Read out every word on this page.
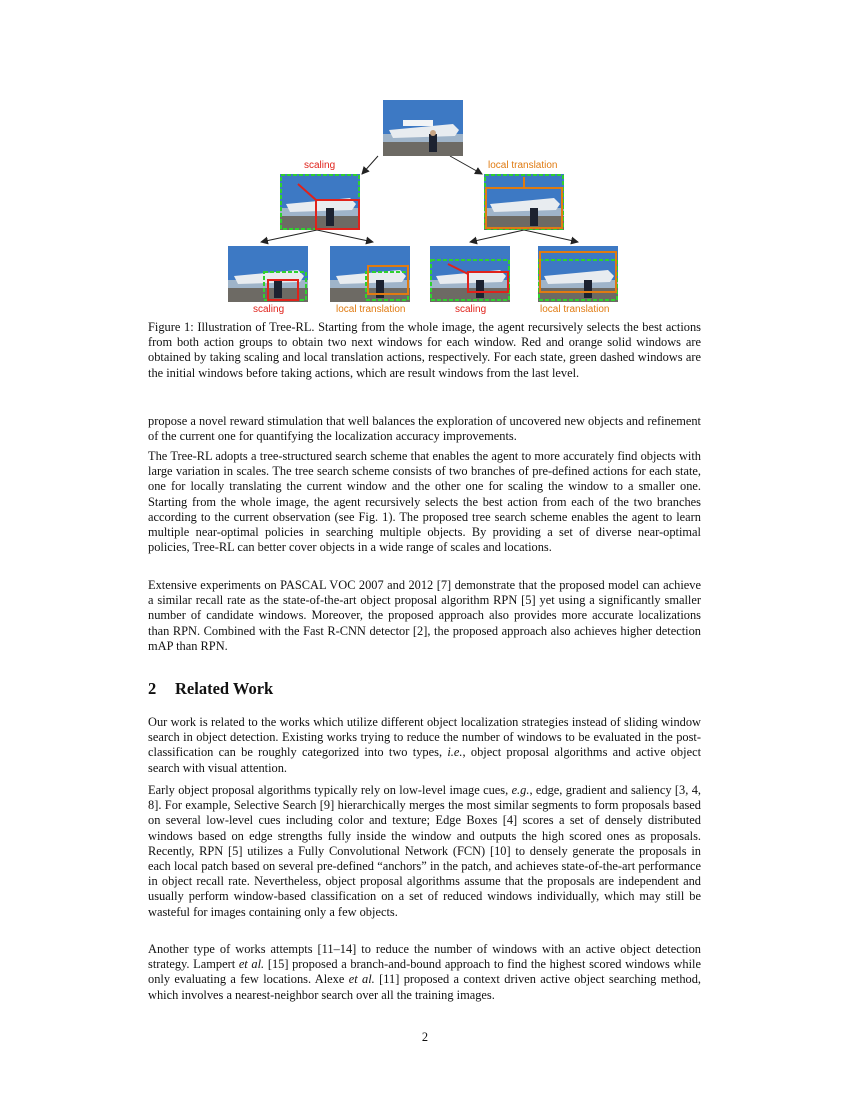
scaling	local translation
scaling	local translation	scaling	local translation
Figure 1: Illustration of Tree-RL. Starting from the whole image, the agent recursively selects the best actions from both action groups to obtain two next windows for each window. Red and orange solid windows are obtained by taking scaling and local translation actions, respectively. For each state, green dashed windows are the initial windows before taking actions, which are result windows from the last level.
propose a novel reward stimulation that well balances the exploration of uncovered new objects and refinement of the current one for quantifying the localization accuracy improvements.
The Tree-RL adopts a tree-structured search scheme that enables the agent to more accurately find objects with large variation in scales. The tree search scheme consists of two branches of pre-defined actions for each state, one for locally translating the current window and the other one for scaling the window to a smaller one. Starting from the whole image, the agent recursively selects the best action from each of the two branches according to the current observation (see Fig. 1). The proposed tree search scheme enables the agent to learn multiple near-optimal policies in searching multiple objects. By providing a set of diverse near-optimal policies, Tree-RL can better cover objects in a wide range of scales and locations.
Extensive experiments on PASCAL VOC 2007 and 2012 [7] demonstrate that the proposed model can achieve a similar recall rate as the state-of-the-art object proposal algorithm RPN [5] yet using a significantly smaller number of candidate windows. Moreover, the proposed approach also provides more accurate localizations than RPN. Combined with the Fast R-CNN detector [2], the proposed approach also achieves higher detection mAP than RPN.
2 Related Work
Our work is related to the works which utilize different object localization strategies instead of sliding window search in object detection. Existing works trying to reduce the number of windows to be evaluated in the post-classification can be roughly categorized into two types, i.e., object proposal algorithms and active object search with visual attention.
Early object proposal algorithms typically rely on low-level image cues, e.g., edge, gradient and saliency [3, 4, 8]. For example, Selective Search [9] hierarchically merges the most similar segments to form proposals based on several low-level cues including color and texture; Edge Boxes [4] scores a set of densely distributed windows based on edge strengths fully inside the window and outputs the high scored ones as proposals. Recently, RPN [5] utilizes a Fully Convolutional Network (FCN) [10] to densely generate the proposals in each local patch based on several pre-defined “anchors” in the patch, and achieves state-of-the-art performance in object recall rate. Nevertheless, object proposal algorithms assume that the proposals are independent and usually perform window-based classification on a set of reduced windows individually, which may still be wasteful for images containing only a few objects.
Another type of works attempts [11–14] to reduce the number of windows with an active object detection strategy. Lampert et al. [15] proposed a branch-and-bound approach to find the highest scored windows while only evaluating a few locations. Alexe et al. [11] proposed a context driven active object searching method, which involves a nearest-neighbor search over all the training images.
2
